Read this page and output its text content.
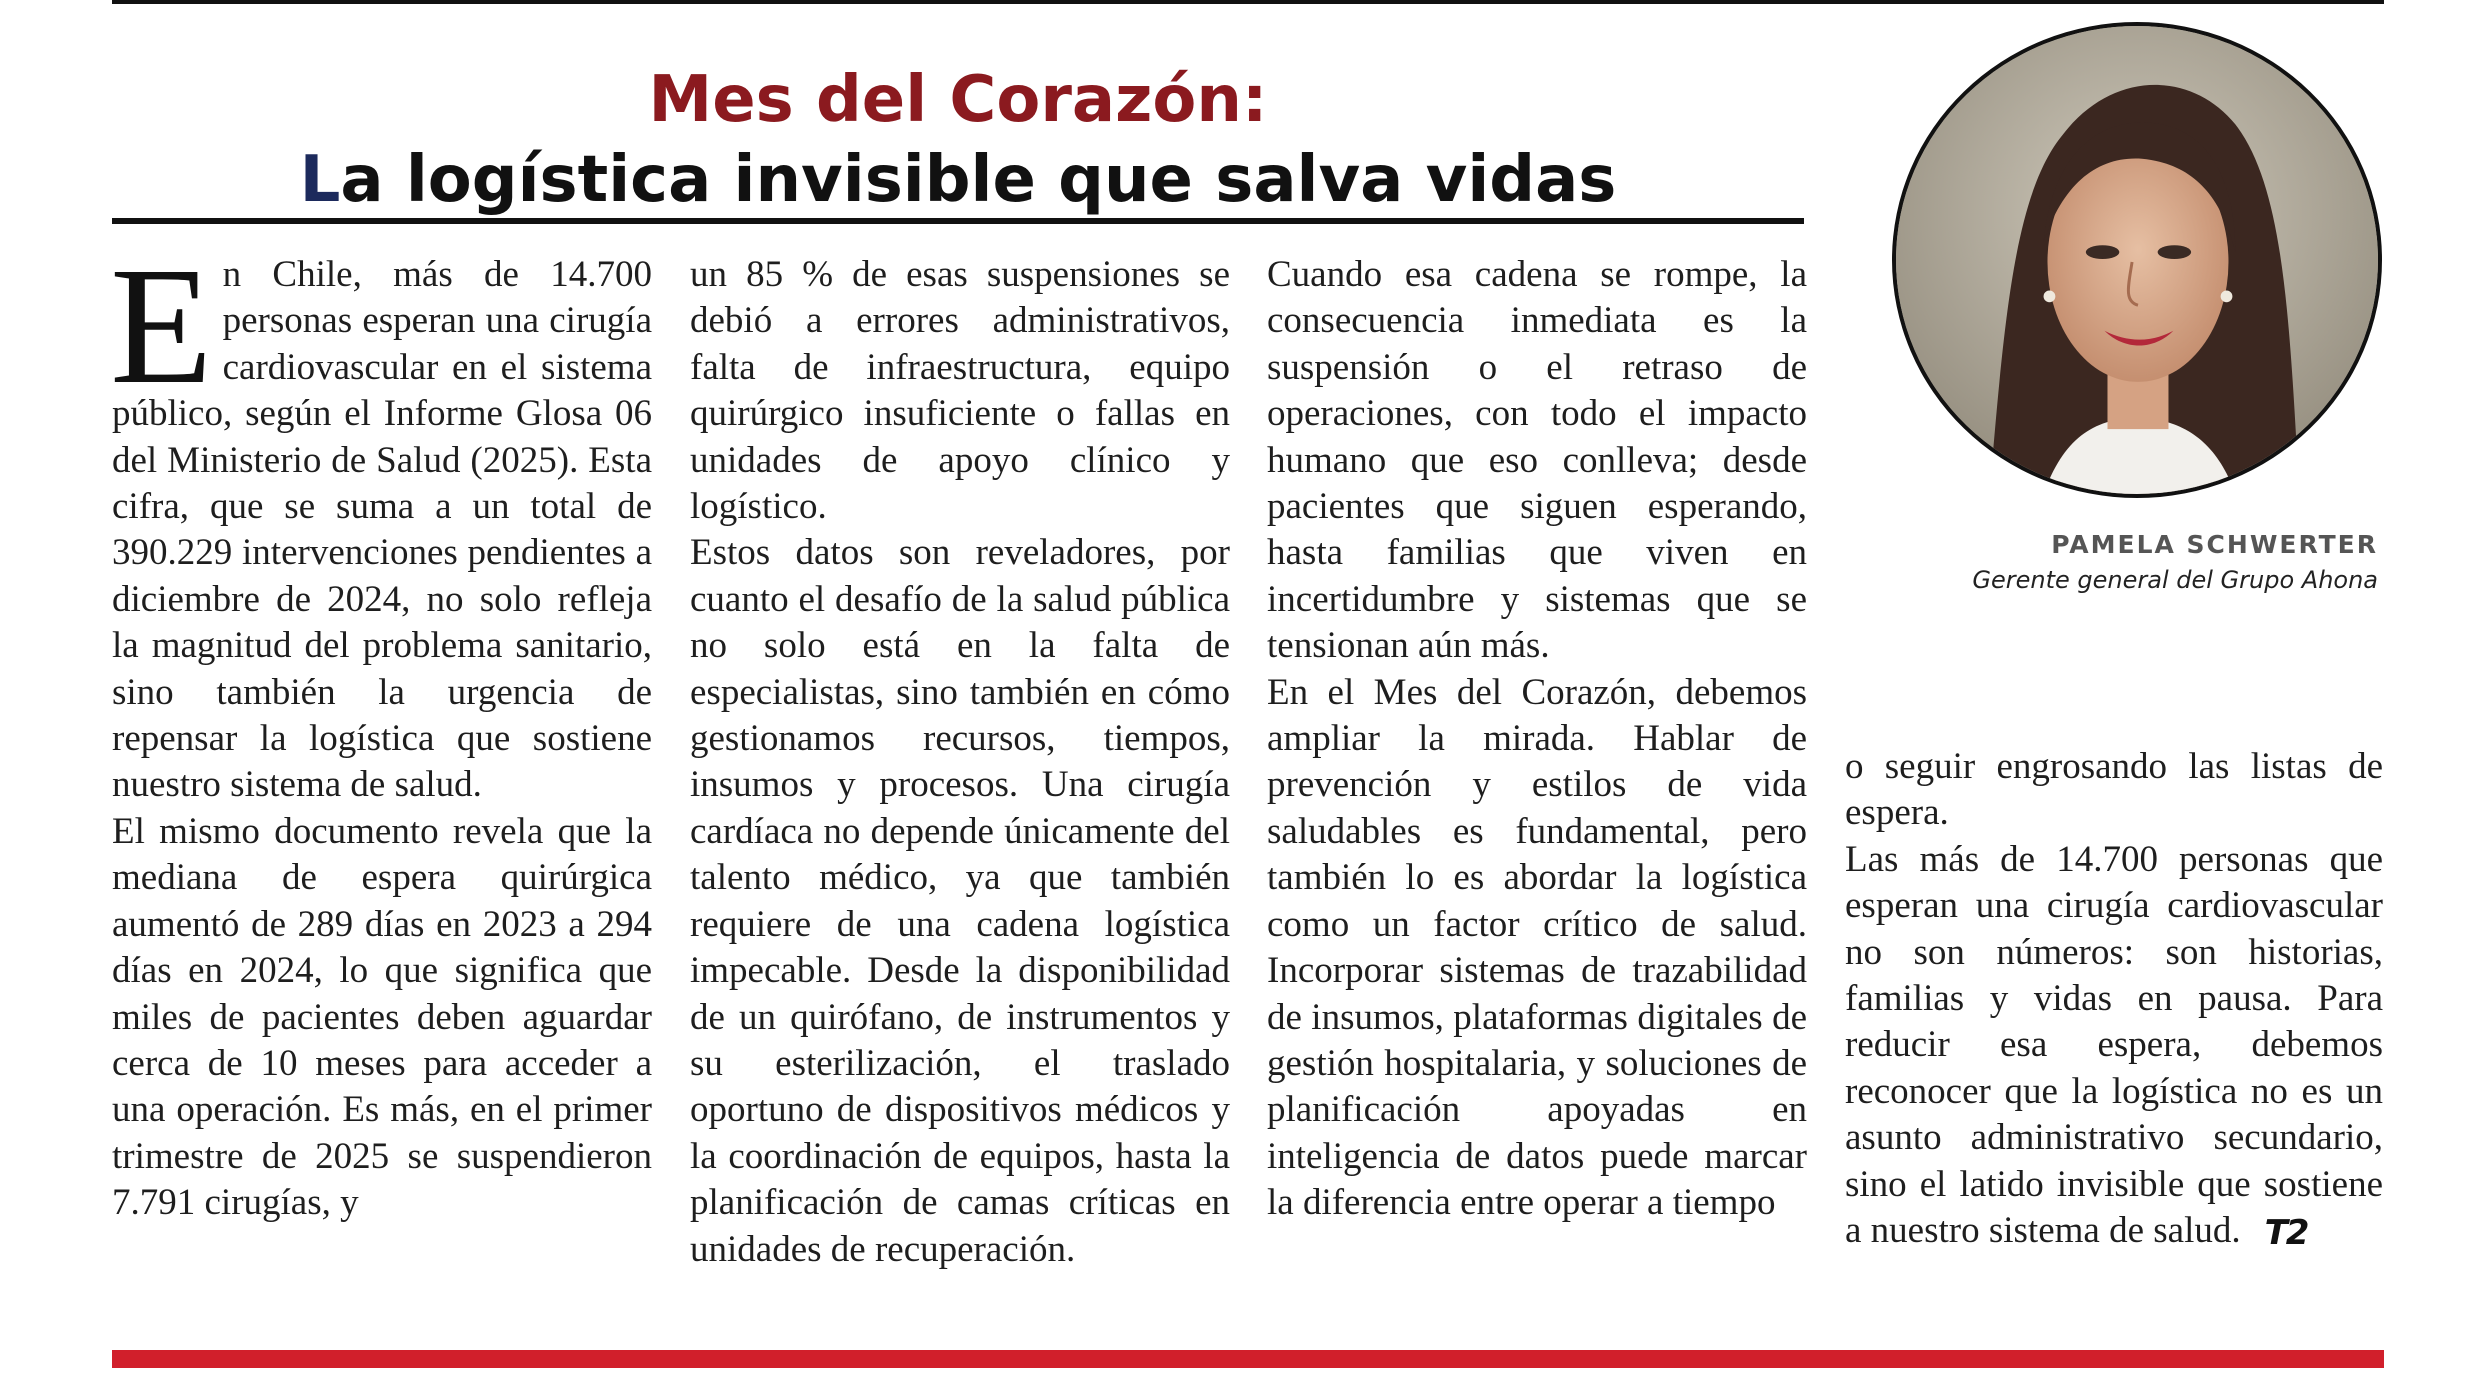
Mes del Corazón:
La logística invisible que salva vidas

En Chile, más de 14.700 personas esperan una cirugía cardiovascular en el sistema público, según el Informe Glosa 06 del Ministerio de Salud (2025). Esta cifra, que se suma a un total de 390.229 intervenciones pendientes a diciembre de 2024, no solo refleja la magnitud del problema sanitario, sino también la urgencia de repensar la logística que sostiene nuestro sistema de salud.

El mismo documento revela que la mediana de espera quirúrgica aumentó de 289 días en 2023 a 294 días en 2024, lo que significa que miles de pacientes deben aguardar cerca de 10 meses para acceder a una operación. Es más, en el primer trimestre de 2025 se suspendieron 7.791 cirugías, y

un 85 % de esas suspensiones se debió a errores administrativos, falta de infraestructura, equipo quirúrgico insuficiente o fallas en unidades de apoyo clínico y logístico.

Estos datos son reveladores, por cuanto el desafío de la salud pública no solo está en la falta de especialistas, sino también en cómo gestionamos recursos, tiempos, insumos y procesos. Una cirugía cardíaca no depende únicamente del talento médico, ya que también requiere de una cadena logística impecable. Desde la disponibilidad de un quirófano, de instrumentos y su esterilización, el traslado oportuno de dispositivos médicos y la coordinación de equipos, hasta la planificación de camas críticas en unidades de recuperación.

Cuando esa cadena se rompe, la consecuencia inmediata es la suspensión o el retraso de operaciones, con todo el impacto humano que eso conlleva; desde pacientes que siguen esperando, hasta familias que viven en incertidumbre y sistemas que se tensionan aún más.

En el Mes del Corazón, debemos ampliar la mirada. Hablar de prevención y estilos de vida saludables es fundamental, pero también lo es abordar la logística como un factor crítico de salud. Incorporar sistemas de trazabilidad de insumos, plataformas digitales de gestión hospitalaria, y soluciones de planificación apoyadas en inteligencia de datos puede marcar la diferencia entre operar a tiempo

o seguir engrosando las listas de espera.

Las más de 14.700 personas que esperan una cirugía cardiovascular no son números: son historias, familias y vidas en pausa. Para reducir esa espera, debemos reconocer que la logística no es un asunto administrativo secundario, sino el latido invisible que sostiene a nuestro sistema de salud. T2

PAMELA SCHWERTER
Gerente general del Grupo Ahona
